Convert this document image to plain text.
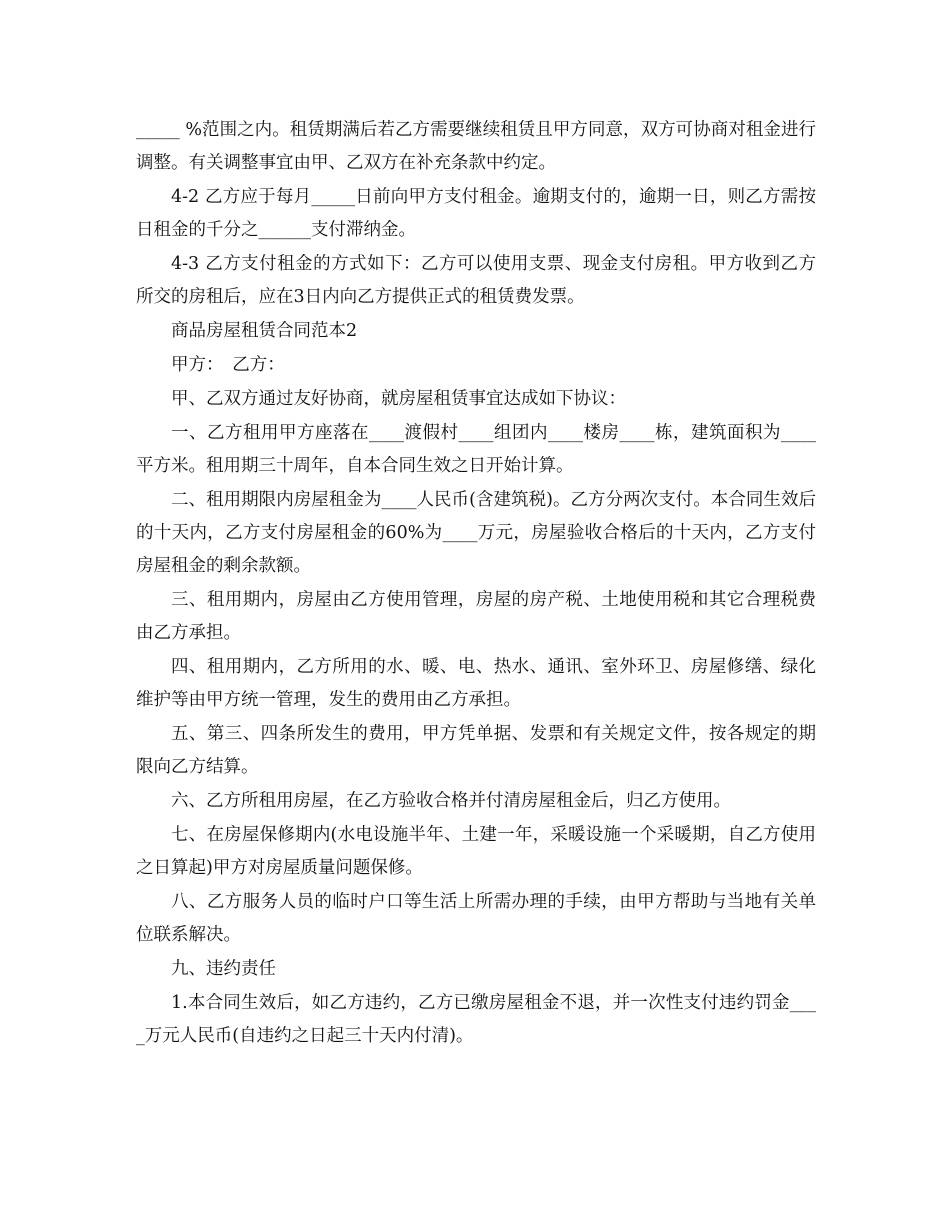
_____ %范围之内。租赁期满后若乙方需要继续租赁且甲方同意，双方可协商对租金进行调整。有关调整事宜由甲、乙双方在补充条款中约定。

4-2 乙方应于每月_____日前向甲方支付租金。逾期支付的，逾期一日，则乙方需按日租金的千分之______支付滞纳金。

4-3 乙方支付租金的方式如下：乙方可以使用支票、现金支付房租。甲方收到乙方所交的房租后，应在3日内向乙方提供正式的租赁费发票。

商品房屋租赁合同范本2

甲方：　乙方：

甲、乙双方通过友好协商，就房屋租赁事宜达成如下协议：

一、乙方租用甲方座落在____渡假村____组团内____楼房____栋，建筑面积为____平方米。租用期三十周年，自本合同生效之日开始计算。

二、租用期限内房屋租金为____人民币(含建筑税)。乙方分两次支付。本合同生效后的十天内，乙方支付房屋租金的60%为____万元，房屋验收合格后的十天内，乙方支付房屋租金的剩余款额。

三、租用期内，房屋由乙方使用管理，房屋的房产税、土地使用税和其它合理税费由乙方承担。

四、租用期内，乙方所用的水、暖、电、热水、通讯、室外环卫、房屋修缮、绿化维护等由甲方统一管理，发生的费用由乙方承担。

五、第三、四条所发生的费用，甲方凭单据、发票和有关规定文件，按各规定的期限向乙方结算。

六、乙方所租用房屋，在乙方验收合格并付清房屋租金后，归乙方使用。

七、在房屋保修期内(水电设施半年、土建一年，采暖设施一个采暖期，自乙方使用之日算起)甲方对房屋质量问题保修。

八、乙方服务人员的临时户口等生活上所需办理的手续，由甲方帮助与当地有关单位联系解决。

九、违约责任

1.本合同生效后，如乙方违约，乙方已缴房屋租金不退，并一次性支付违约罚金____万元人民币(自违约之日起三十天内付清)。
